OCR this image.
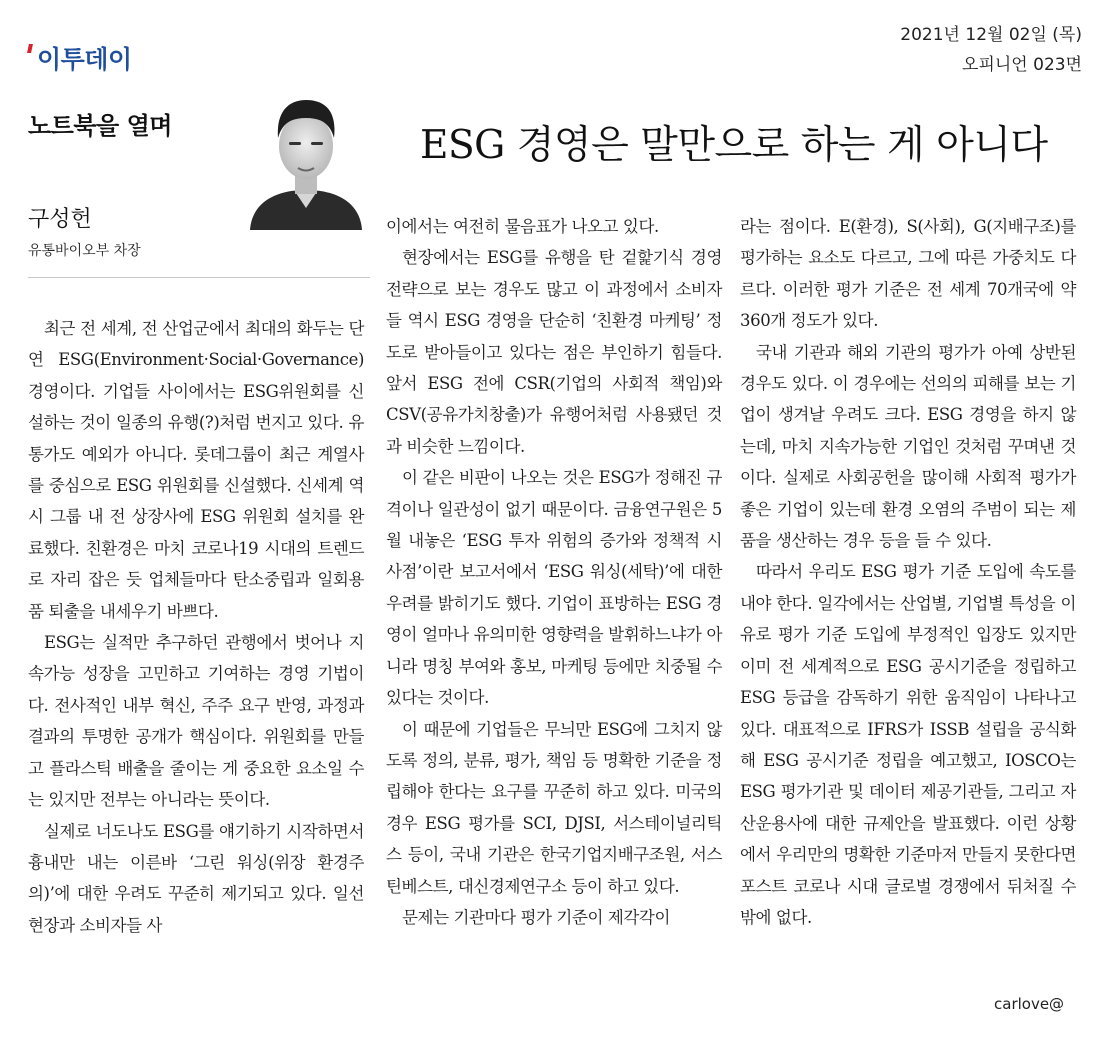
이투데이
2021년 12월 02일 (목)
오피니언 023면
노트북을 열며	ESG 경영은 말만으로 하는 게 아니다
구성헌
유통바이오부 차장

최근 전 세계, 전 산업군에서 최대의 화두는 단연 ESG(Environment·Social·Governance) 경영이다. 기업들 사이에서는 ESG위원회를 신설하는 것이 일종의 유행(?)처럼 번지고 있다. 유통가도 예외가 아니다. 롯데그룹이 최근 계열사를 중심으로 ESG 위원회를 신설했다. 신세계 역시 그룹 내 전 상장사에 ESG 위원회 설치를 완료했다. 친환경은 마치 코로나19 시대의 트렌드로 자리 잡은 듯 업체들마다 탄소중립과 일회용품 퇴출을 내세우기 바쁘다.

ESG는 실적만 추구하던 관행에서 벗어나 지속가능 성장을 고민하고 기여하는 경영 기법이다. 전사적인 내부 혁신, 주주 요구 반영, 과정과 결과의 투명한 공개가 핵심이다. 위원회를 만들고 플라스틱 배출을 줄이는 게 중요한 요소일 수는 있지만 전부는 아니라는 뜻이다.

실제로 너도나도 ESG를 얘기하기 시작하면서 흉내만 내는 이른바 ‘그린 워싱(위장 환경주의)’에 대한 우려도 꾸준히 제기되고 있다. 일선 현장과 소비자들 사

이에서는 여전히 물음표가 나오고 있다.

현장에서는 ESG를 유행을 탄 겉핥기식 경영 전략으로 보는 경우도 많고 이 과정에서 소비자들 역시 ESG 경영을 단순히 ‘친환경 마케팅’ 정도로 받아들이고 있다는 점은 부인하기 힘들다. 앞서 ESG 전에 CSR(기업의 사회적 책임)와 CSV(공유가치창출)가 유행어처럼 사용됐던 것과 비슷한 느낌이다.

이 같은 비판이 나오는 것은 ESG가 정해진 규격이나 일관성이 없기 때문이다. 금융연구원은 5월 내놓은 ‘ESG 투자 위험의 증가와 정책적 시사점’이란 보고서에서 ‘ESG 워싱(세탁)’에 대한 우려를 밝히기도 했다. 기업이 표방하는 ESG 경영이 얼마나 유의미한 영향력을 발휘하느냐가 아니라 명칭 부여와 홍보, 마케팅 등에만 치중될 수 있다는 것이다.

이 때문에 기업들은 무늬만 ESG에 그치지 않도록 정의, 분류, 평가, 책임 등 명확한 기준을 정립해야 한다는 요구를 꾸준히 하고 있다. 미국의 경우 ESG 평가를 SCI, DJSI, 서스테이널리틱스 등이, 국내 기관은 한국기업지배구조원, 서스틴베스트, 대신경제연구소 등이 하고 있다.

문제는 기관마다 평가 기준이 제각각이

라는 점이다. E(환경), S(사회), G(지배구조)를 평가하는 요소도 다르고, 그에 따른 가중치도 다르다. 이러한 평가 기준은 전 세계 70개국에 약 360개 정도가 있다.

국내 기관과 해외 기관의 평가가 아예 상반된 경우도 있다. 이 경우에는 선의의 피해를 보는 기업이 생겨날 우려도 크다. ESG 경영을 하지 않는데, 마치 지속가능한 기업인 것처럼 꾸며낸 것이다. 실제로 사회공헌을 많이해 사회적 평가가 좋은 기업이 있는데 환경 오염의 주범이 되는 제품을 생산하는 경우 등을 들 수 있다.

따라서 우리도 ESG 평가 기준 도입에 속도를 내야 한다. 일각에서는 산업별, 기업별 특성을 이유로 평가 기준 도입에 부정적인 입장도 있지만 이미 전 세계적으로 ESG 공시기준을 정립하고 ESG 등급을 감독하기 위한 움직임이 나타나고 있다. 대표적으로 IFRS가 ISSB 설립을 공식화해 ESG 공시기준 정립을 예고했고, IOSCO는 ESG 평가기관 및 데이터 제공기관들, 그리고 자산운용사에 대한 규제안을 발표했다. 이런 상황에서 우리만의 명확한 기준마저 만들지 못한다면 포스트 코로나 시대 글로벌 경쟁에서 뒤처질 수밖에 없다.

carlove@
